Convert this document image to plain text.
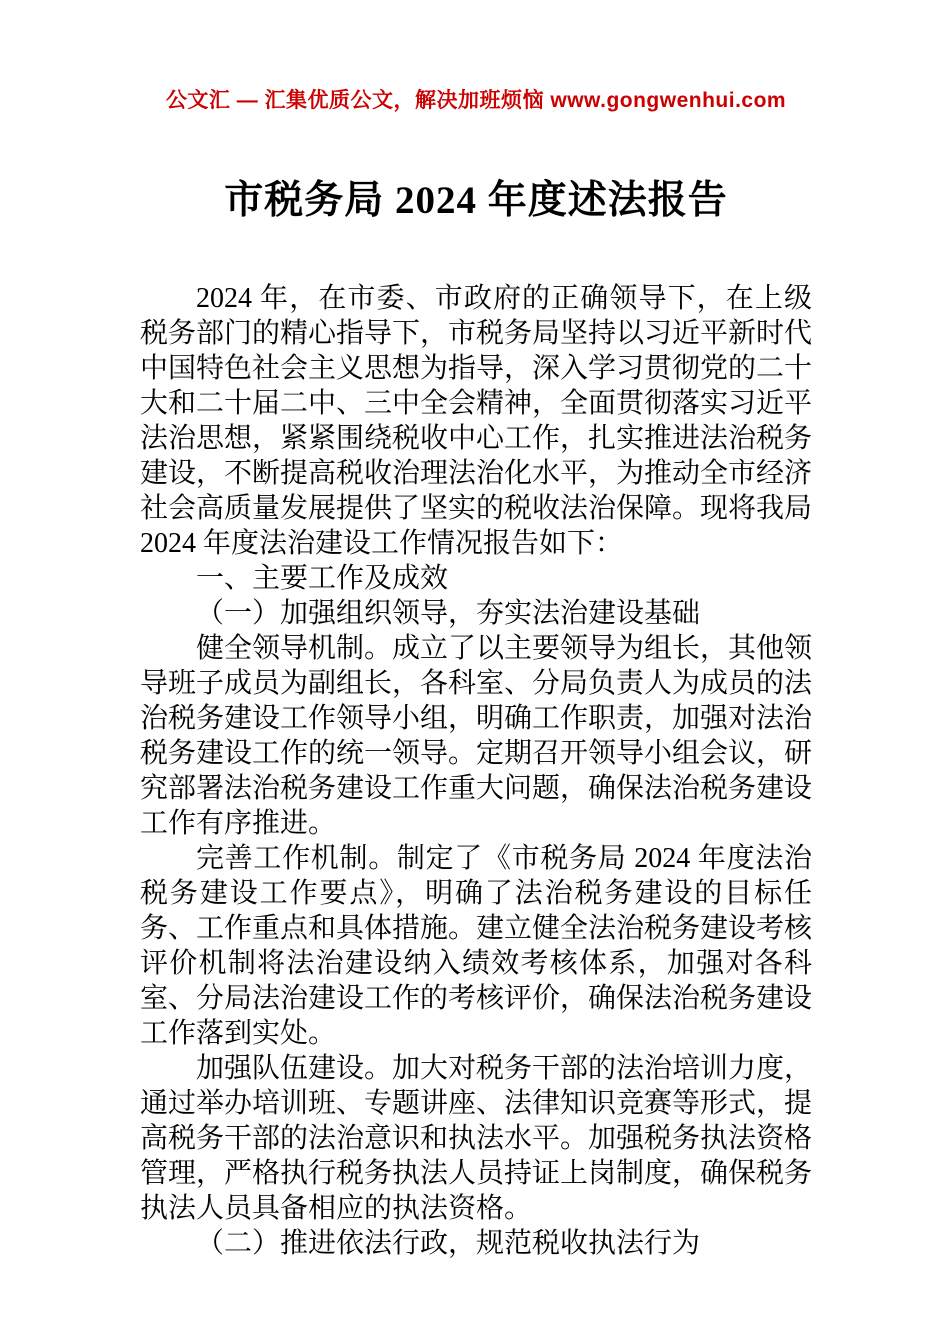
公文汇 — 汇集优质公文，解决加班烦恼 www.gongwenhui.com
市税务局 2024 年度述法报告

2024 年，在市委、市政府的正确领导下，在上级税务部门的精心指导下，市税务局坚持以习近平新时代中国特色社会主义思想为指导，深入学习贯彻党的二十大和二十届二中、三中全会精神，全面贯彻落实习近平法治思想，紧紧围绕税收中心工作，扎实推进法治税务建设，不断提高税收治理法治化水平，为推动全市经济社会高质量发展提供了坚实的税收法治保障。现将我局 2024 年度法治建设工作情况报告如下：

一、主要工作及成效

（一）加强组织领导，夯实法治建设基础

健全领导机制。成立了以主要领导为组长，其他领导班子成员为副组长，各科室、分局负责人为成员的法治税务建设工作领导小组，明确工作职责，加强对法治税务建设工作的统一领导。定期召开领导小组会议，研究部署法治税务建设工作重大问题，确保法治税务建设工作有序推进。

完善工作机制。制定了《市税务局 2024 年度法治税务建设工作要点》，明确了法治税务建设的目标任务、工作重点和具体措施。建立健全法治税务建设考核评价机制将法治建设纳入绩效考核体系，加强对各科室、分局法治建设工作的考核评价，确保法治税务建设工作落到实处。

加强队伍建设。加大对税务干部的法治培训力度，通过举办培训班、专题讲座、法律知识竞赛等形式，提高税务干部的法治意识和执法水平。加强税务执法资格管理，严格执行税务执法人员持证上岗制度，确保税务执法人员具备相应的执法资格。

（二）推进依法行政，规范税收执法行为
